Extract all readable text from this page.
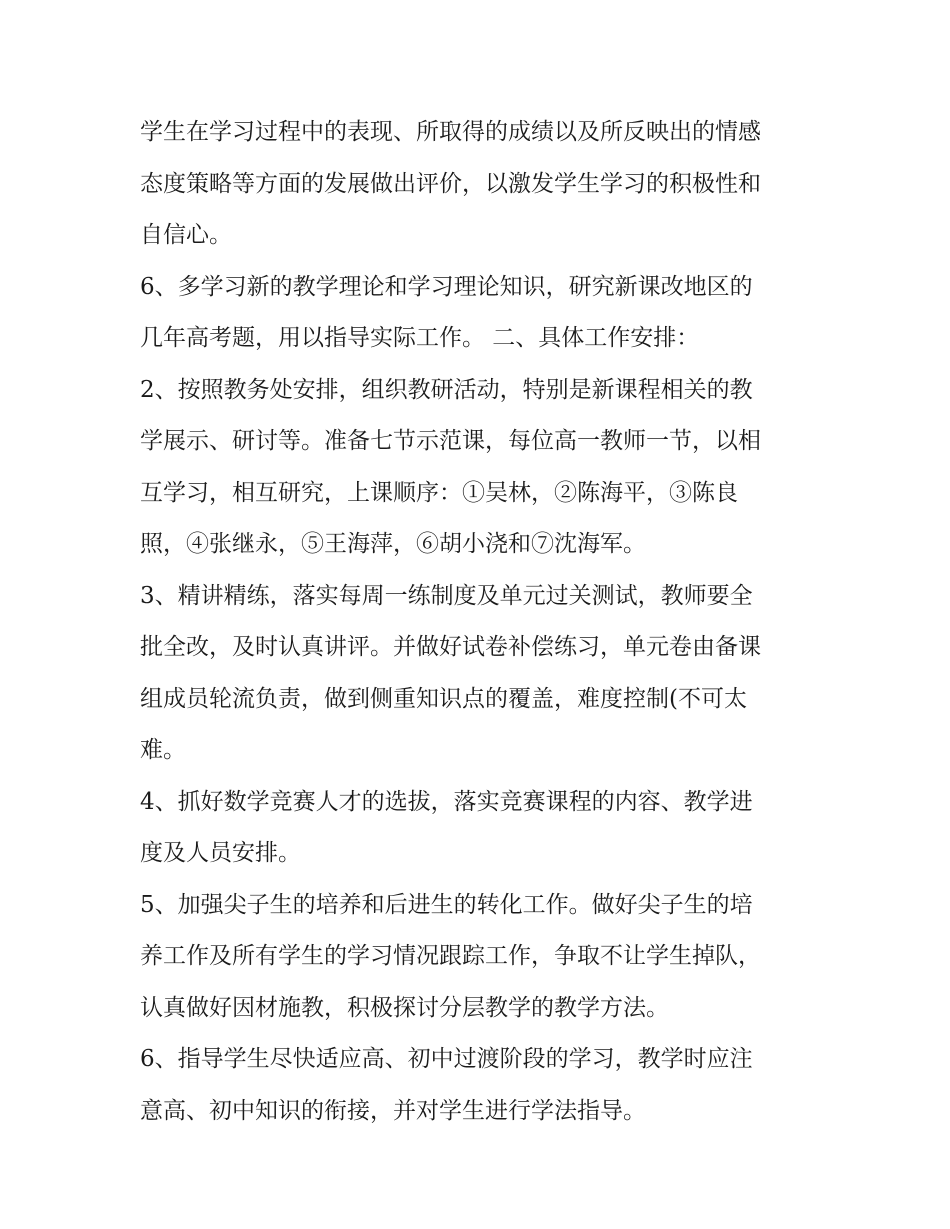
学生在学习过程中的表现、所取得的成绩以及所反映出的情感
态度策略等方面的发展做出评价，以激发学生学习的积极性和
自信心。

6、多学习新的教学理论和学习理论知识，研究新课改地区的
几年高考题，用以指导实际工作。 二、具体工作安排：

2、按照教务处安排，组织教研活动，特别是新课程相关的教
学展示、研讨等。准备七节示范课，每位高一教师一节，以相
互学习，相互研究，上课顺序：①吴林，②陈海平，③陈良
照，④张继永，⑤王海萍，⑥胡小浇和⑦沈海军。

3、精讲精练，落实每周一练制度及单元过关测试，教师要全
批全改，及时认真讲评。并做好试卷补偿练习，单元卷由备课
组成员轮流负责，做到侧重知识点的覆盖，难度控制(不可太
难。

4、抓好数学竞赛人才的选拔，落实竞赛课程的内容、教学进
度及人员安排。

5、加强尖子生的培养和后进生的转化工作。做好尖子生的培
养工作及所有学生的学习情况跟踪工作，争取不让学生掉队，
认真做好因材施教，积极探讨分层教学的教学方法。

6、指导学生尽快适应高、初中过渡阶段的学习，教学时应注
意高、初中知识的衔接，并对学生进行学法指导。
